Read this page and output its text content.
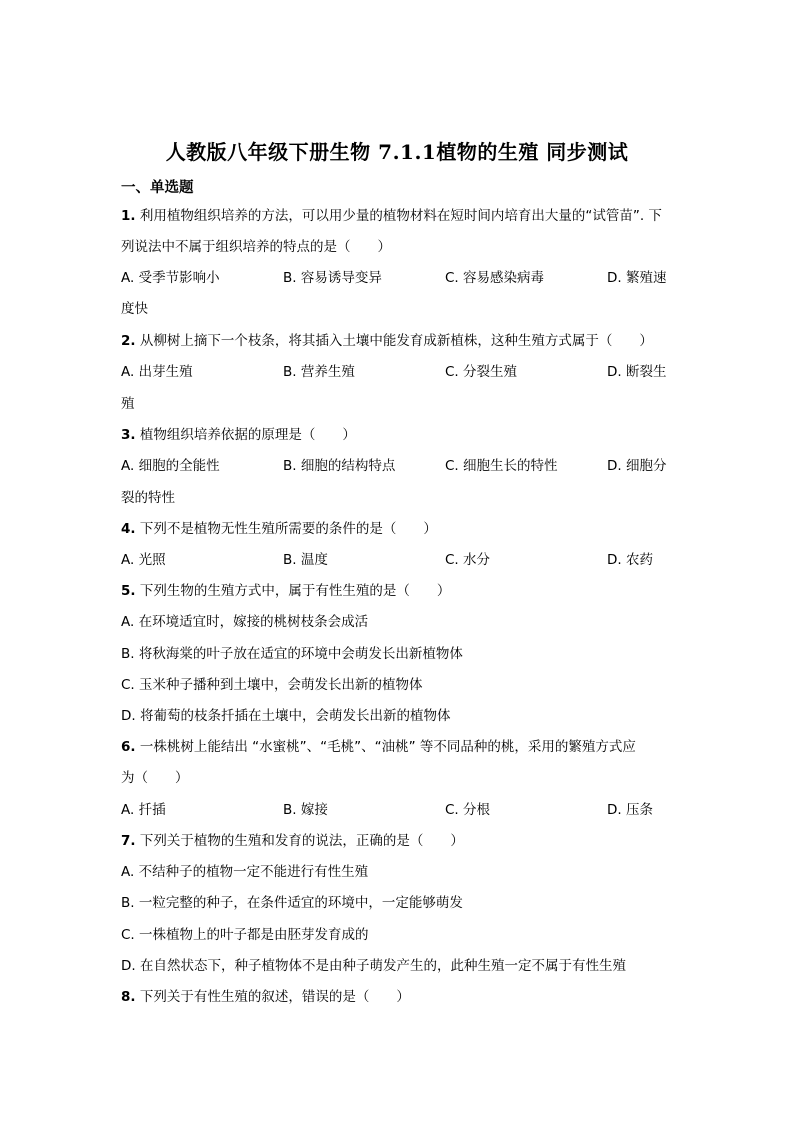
人教版八年级下册生物 7.1.1植物的生殖 同步测试
一、单选题
1. 利用植物组织培养的方法，可以用少量的植物材料在短时间内培育出大量的“试管苗”. 下
列说法中不属于组织培养的特点的是（　　）
A. 受季节影响小	B. 容易诱导变异	C. 容易感染病毒	D. 繁殖速
度快
2. 从柳树上摘下一个枝条，将其插入土壤中能发育成新植株，这种生殖方式属于（　　）
A. 出芽生殖	B. 营养生殖	C. 分裂生殖	D. 断裂生
殖
3. 植物组织培养依据的原理是（　　）
A. 细胞的全能性	B. 细胞的结构特点	C. 细胞生长的特性	D. 细胞分
裂的特性
4. 下列不是植物无性生殖所需要的条件的是（　　）
A. 光照	B. 温度	C. 水分	D. 农药
5. 下列生物的生殖方式中，属于有性生殖的是（　　）
A. 在环境适宜时，嫁接的桃树枝条会成活
B. 将秋海棠的叶子放在适宜的环境中会萌发长出新植物体
C. 玉米种子播种到土壤中，会萌发长出新的植物体
D. 将葡萄的枝条扦插在土壤中，会萌发长出新的植物体
6. 一株桃树上能结出 “水蜜桃”、“毛桃”、“油桃” 等不同品种的桃，采用的繁殖方式应
为（　　）
A. 扦插	B. 嫁接	C. 分根	D. 压条
7. 下列关于植物的生殖和发育的说法，正确的是（　　）
A. 不结种子的植物一定不能进行有性生殖
B. 一粒完整的种子，在条件适宜的环境中，一定能够萌发
C. 一株植物上的叶子都是由胚芽发育成的
D. 在自然状态下，种子植物体不是由种子萌发产生的，此种生殖一定不属于有性生殖
8. 下列关于有性生殖的叙述，错误的是（　　）
